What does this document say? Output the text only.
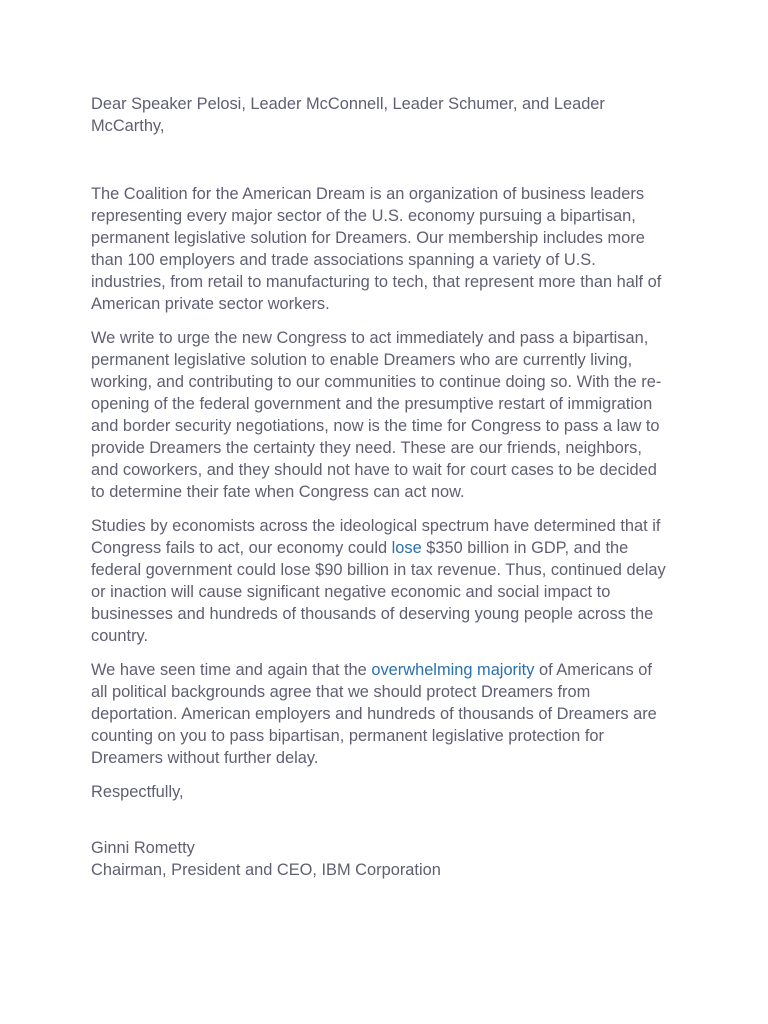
Dear Speaker Pelosi, Leader McConnell, Leader Schumer, and Leader McCarthy,

The Coalition for the American Dream is an organization of business leaders representing every major sector of the U.S. economy pursuing a bipartisan, permanent legislative solution for Dreamers. Our membership includes more than 100 employers and trade associations spanning a variety of U.S. industries, from retail to manufacturing to tech, that represent more than half of American private sector workers.

We write to urge the new Congress to act immediately and pass a bipartisan, permanent legislative solution to enable Dreamers who are currently living, working, and contributing to our communities to continue doing so. With the re-opening of the federal government and the presumptive restart of immigration and border security negotiations, now is the time for Congress to pass a law to provide Dreamers the certainty they need. These are our friends, neighbors, and coworkers, and they should not have to wait for court cases to be decided to determine their fate when Congress can act now.

Studies by economists across the ideological spectrum have determined that if Congress fails to act, our economy could lose $350 billion in GDP, and the federal government could lose $90 billion in tax revenue. Thus, continued delay or inaction will cause significant negative economic and social impact to businesses and hundreds of thousands of deserving young people across the country.

We have seen time and again that the overwhelming majority of Americans of all political backgrounds agree that we should protect Dreamers from deportation. American employers and hundreds of thousands of Dreamers are counting on you to pass bipartisan, permanent legislative protection for Dreamers without further delay.

Respectfully,

Ginni Rometty

Chairman, President and CEO, IBM Corporation
